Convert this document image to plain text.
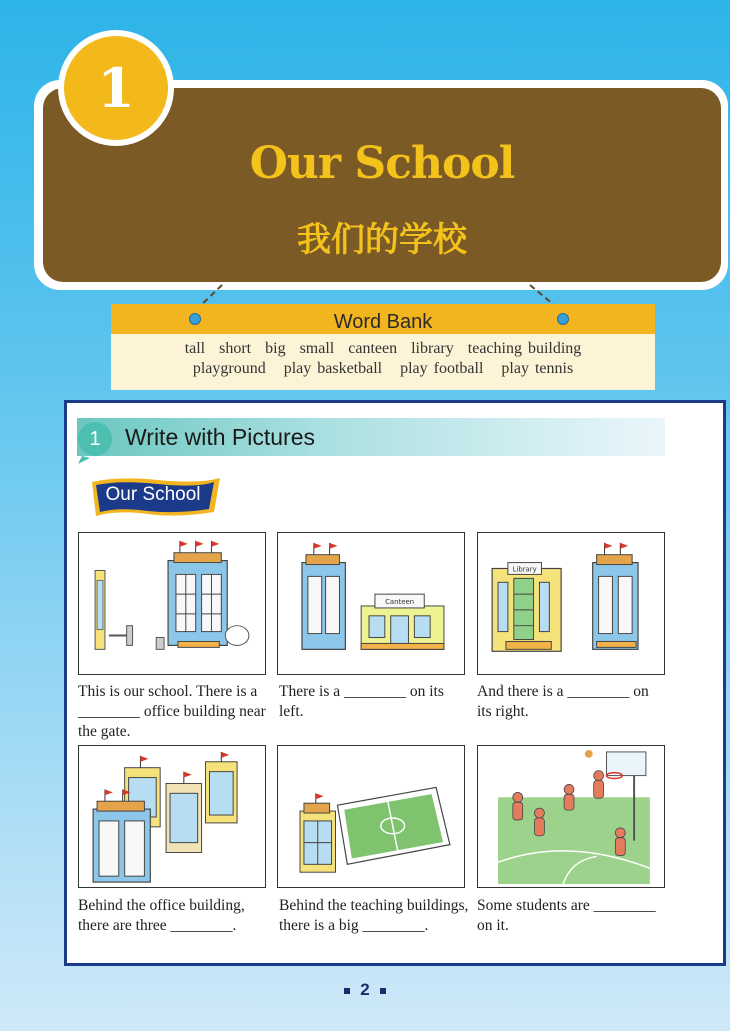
1
Our School
我们的学校
Word Bank
tall short big small canteen library teaching building
playground play basketball play football play tennis
1 Write with Pictures
Our School
This is our school. There is a ________ office building near the gate.
Canteen
There is a ________ on its left.
Library
And there is a ________ on its right.
Behind the office building, there are three ________.
Behind the teaching buildings, there is a big ________.
Some students are ________ on it.
2
